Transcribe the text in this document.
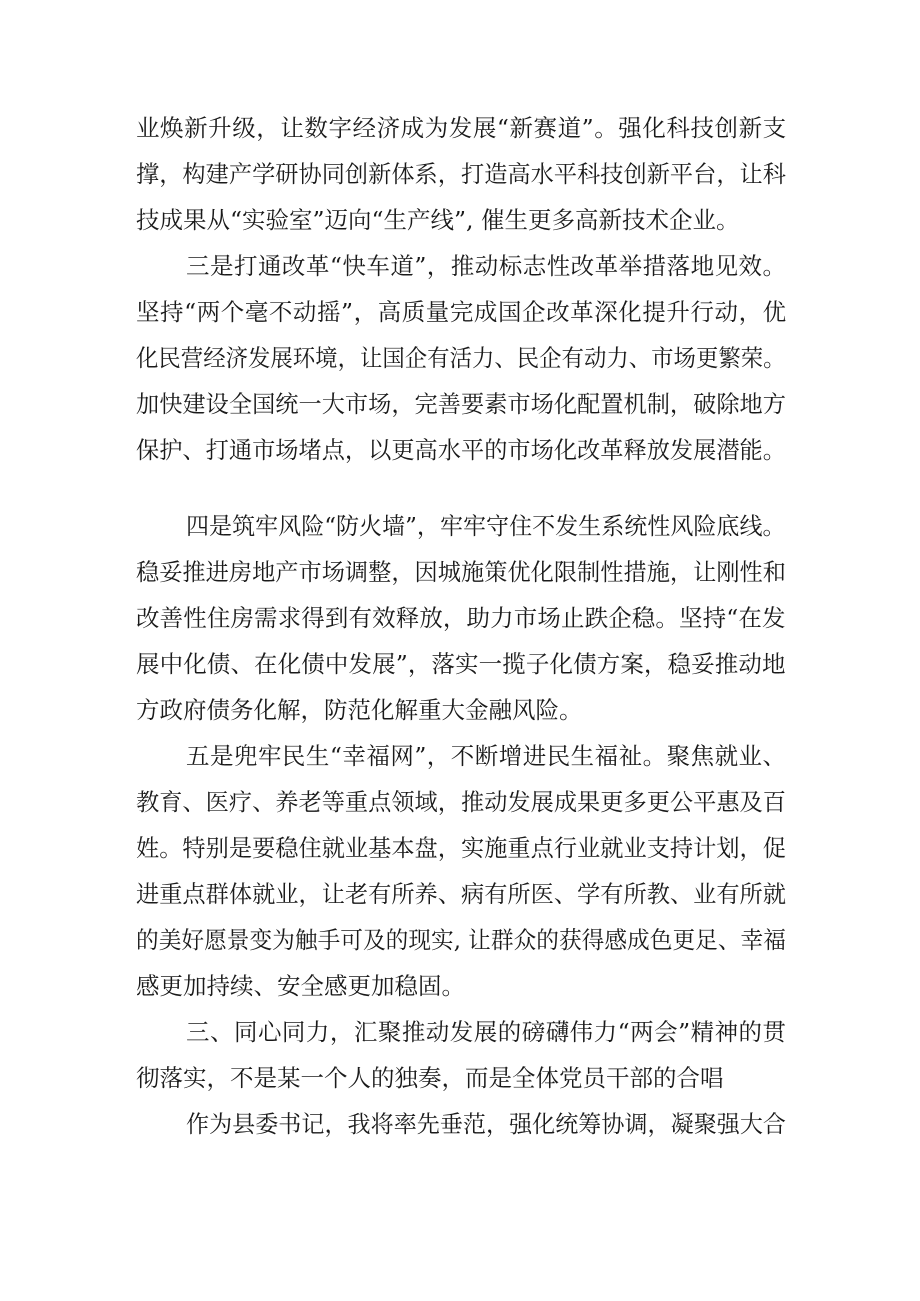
业焕新升级，让数字经济成为发展“新赛道”。强化科技创新支
撑，构建产学研协同创新体系，打造高水平科技创新平台，让科
技成果从“实验室”迈向“生产线”, 催生更多高新技术企业。
三是打通改革“快车道”，推动标志性改革举措落地见效。
坚持“两个毫不动摇”，高质量完成国企改革深化提升行动，优
化民营经济发展环境，让国企有活力、民企有动力、市场更繁荣。
加快建设全国统一大市场，完善要素市场化配置机制，破除地方
保护、打通市场堵点，以更高水平的市场化改革释放发展潜能。
四是筑牢风险“防火墙”，牢牢守住不发生系统性风险底线。
稳妥推进房地产市场调整，因城施策优化限制性措施，让刚性和
改善性住房需求得到有效释放，助力市场止跌企稳。坚持“在发
展中化债、在化债中发展”，落实一揽子化债方案，稳妥推动地
方政府债务化解，防范化解重大金融风险。
五是兜牢民生“幸福网”，不断增进民生福祉。聚焦就业、
教育、医疗、养老等重点领域，推动发展成果更多更公平惠及百
姓。特别是要稳住就业基本盘，实施重点行业就业支持计划，促
进重点群体就业，让老有所养、病有所医、学有所教、业有所就
的美好愿景变为触手可及的现实, 让群众的获得感成色更足、幸福
感更加持续、安全感更加稳固。
三、同心同力，汇聚推动发展的磅礴伟力“两会”精神的贯
彻落实，不是某一个人的独奏，而是全体党员干部的合唱
作为县委书记，我将率先垂范，强化统筹协调，凝聚强大合
